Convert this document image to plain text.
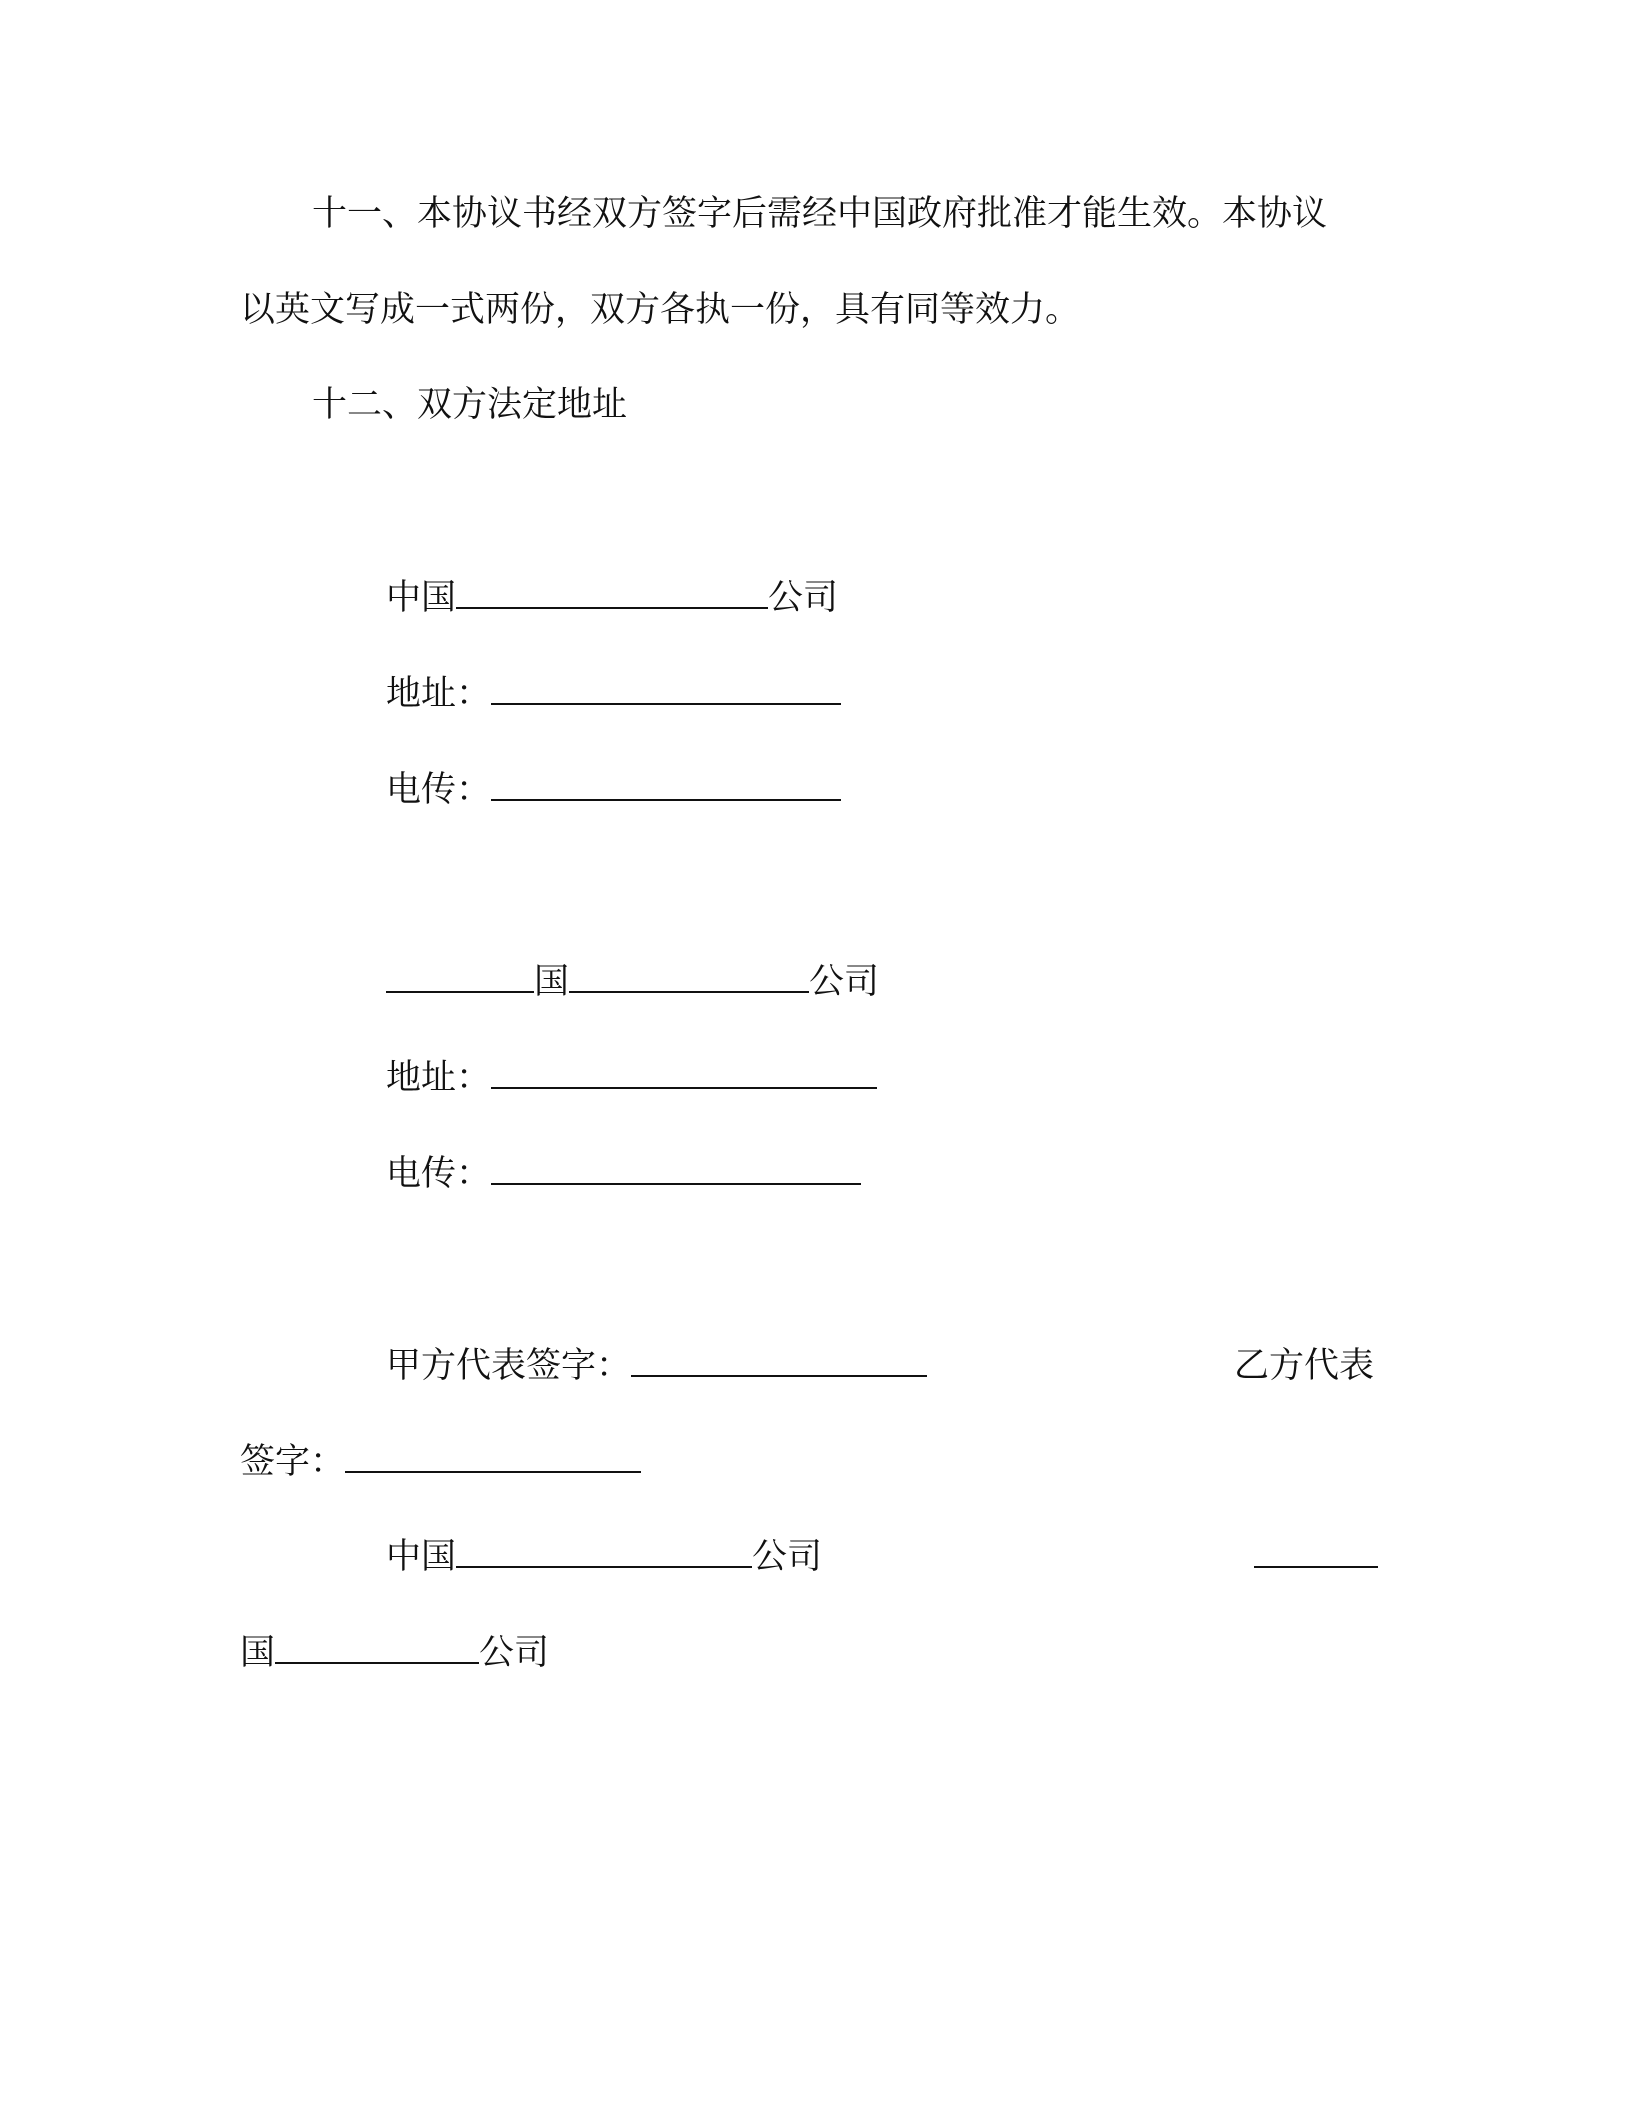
十一、本协议书经双方签字后需经中国政府批准才能生效。本协议
以英文写成一式两份，双方各执一份，具有同等效力。
十二、双方法定地址
中国	公司
地址：
电传：
国	公司
地址：
电传：
甲方代表签字：	乙方代表
签字：
中国	公司
国	公司
